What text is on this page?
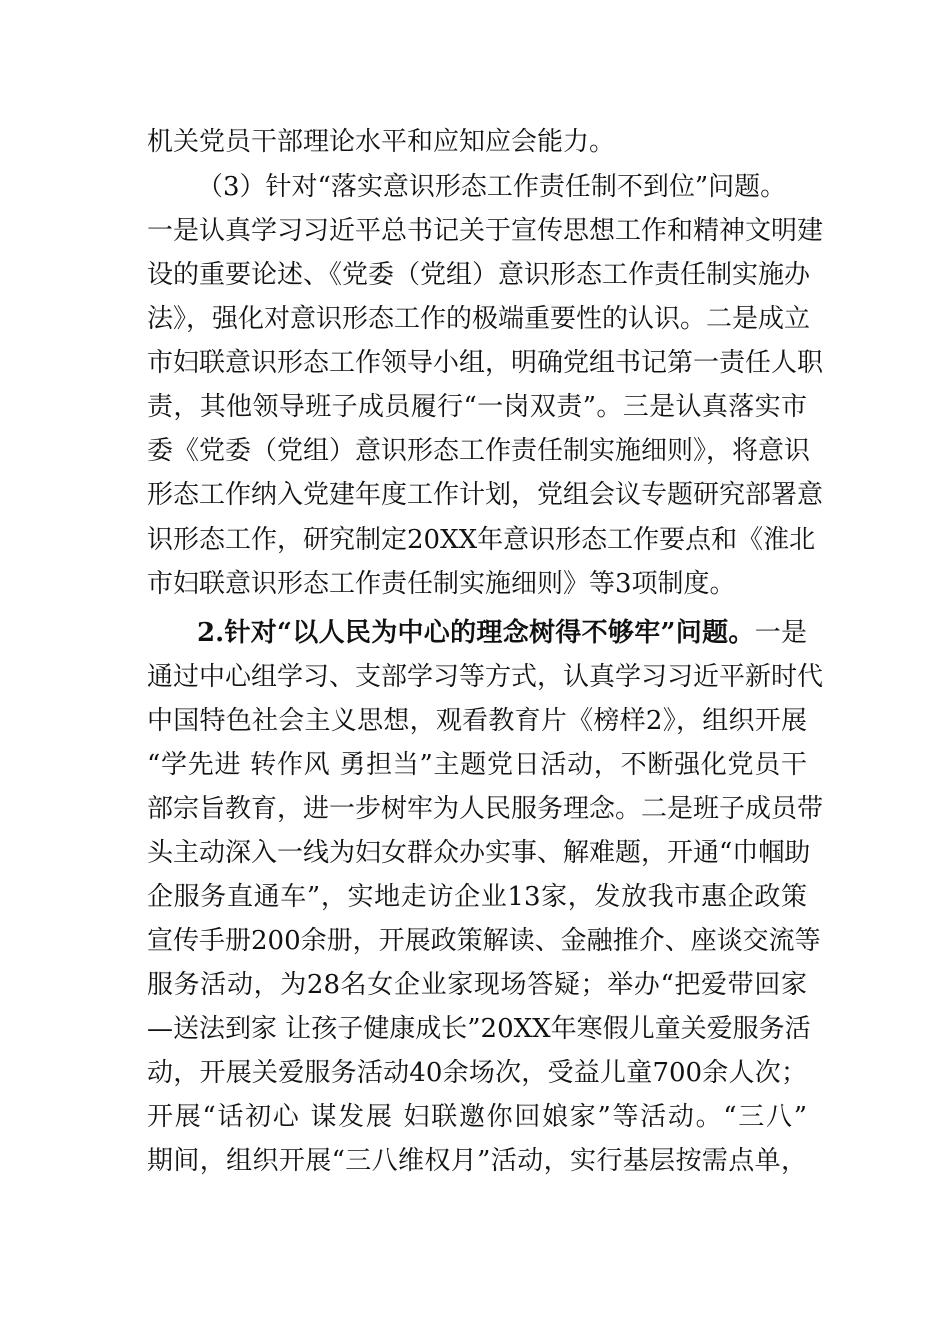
机关党员干部理论水平和应知应会能力。
（3）针对“落实意识形态工作责任制不到位”问题。
一是认真学习习近平总书记关于宣传思想工作和精神文明建
设的重要论述、《党委（党组）意识形态工作责任制实施办
法》，强化对意识形态工作的极端重要性的认识。二是成立
市妇联意识形态工作领导小组，明确党组书记第一责任人职
责，其他领导班子成员履行“一岗双责”。三是认真落实市
委《党委（党组）意识形态工作责任制实施细则》，将意识
形态工作纳入党建年度工作计划，党组会议专题研究部署意
识形态工作，研究制定20XX年意识形态工作要点和《淮北
市妇联意识形态工作责任制实施细则》等3项制度。
2.针对“以人民为中心的理念树得不够牢”问题。一是
通过中心组学习、支部学习等方式，认真学习习近平新时代
中国特色社会主义思想，观看教育片《榜样2》，组织开展
“学先进 转作风 勇担当”主题党日活动，不断强化党员干
部宗旨教育，进一步树牢为人民服务理念。二是班子成员带
头主动深入一线为妇女群众办实事、解难题，开通“巾帼助
企服务直通车”，实地走访企业13家，发放我市惠企政策
宣传手册200余册，开展政策解读、金融推介、座谈交流等
服务活动，为28名女企业家现场答疑；举办“把爱带回家
—送法到家 让孩子健康成长”20XX年寒假儿童关爱服务活
动，开展关爱服务活动40余场次，受益儿童700余人次；
开展“话初心 谋发展 妇联邀你回娘家”等活动。“三八”
期间，组织开展“三八维权月”活动，实行基层按需点单，
